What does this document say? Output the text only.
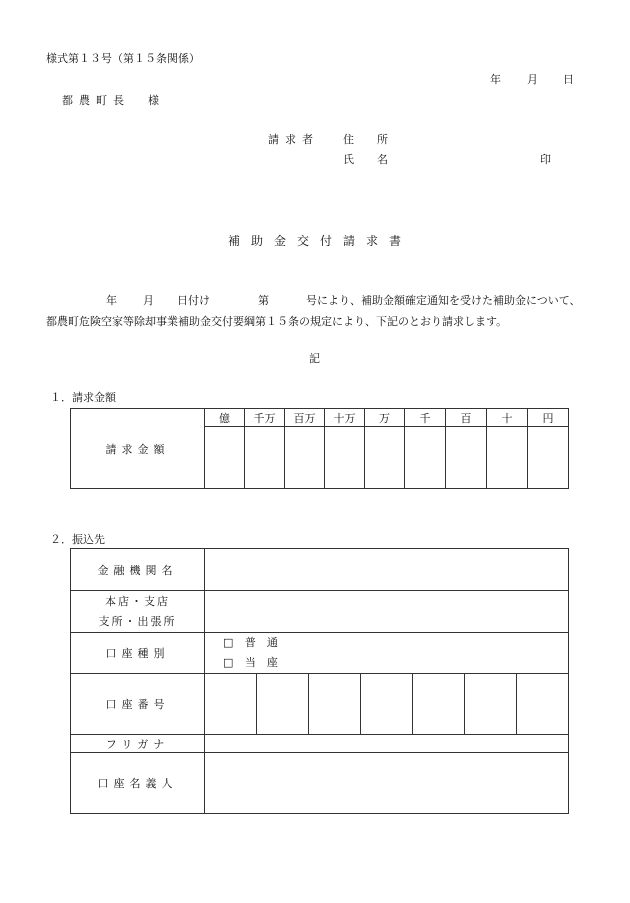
様式第１３号（第１５条関係）
年 月 日
都農町長 様
請求者 住　所
氏　名	印
補助金交付請求書
年 月 日付け	第	号により、補助金額確定通知を受けた補助金について、
都農町危険空家等除却事業補助金交付要綱第１５条の規定により、下記のとおり請求します。
記
１．請求金額
請求金額	億	千万	百万	十万	万	千	百	十	円

２．振込先
金融機関名							

本店・支店
支所・出張所							

口座種別	□ 普　通
□ 当　座						

口座番号							
フリガナ							
口座名義人							
